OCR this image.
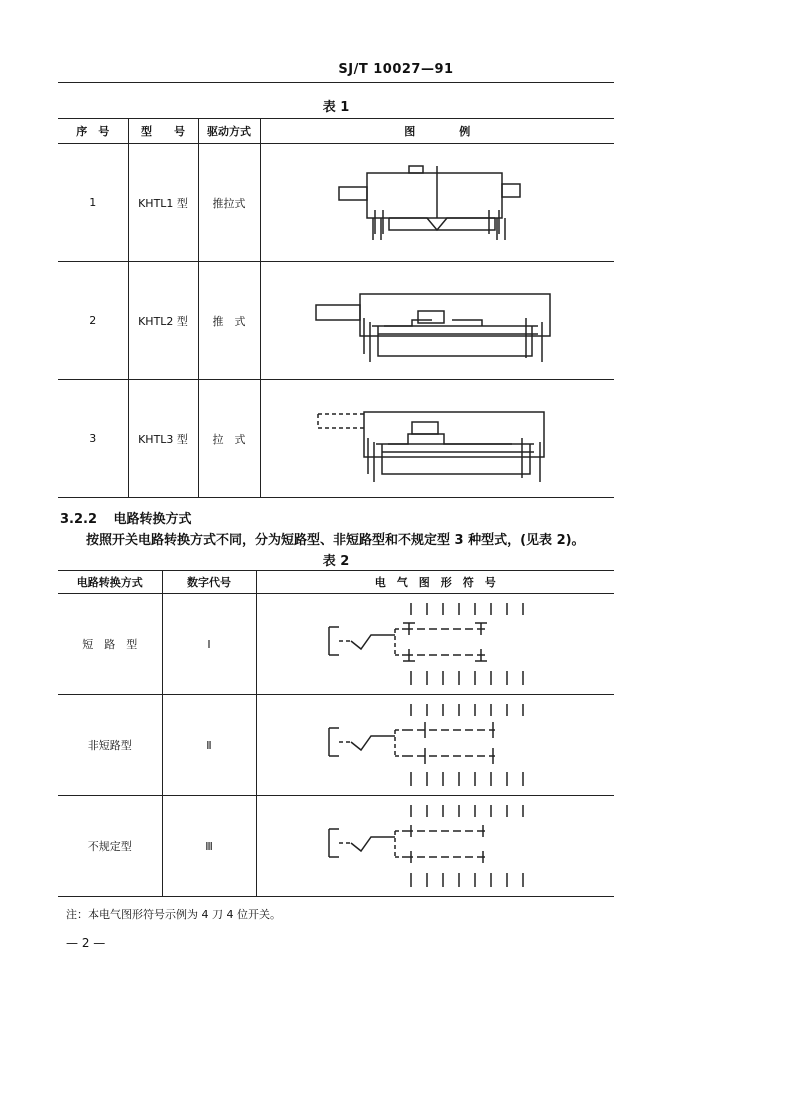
SJ/T 10027—91
表 1
序　号	型　　号	驱动方式	图　　　　例
1	KHTL1 型	推拉式	

2	KHTL2 型	推　式	

3	KHTL3 型	拉　式	
3.2.2 电路转换方式
按照开关电路转换方式不同，分为短路型、非短路型和不规定型 3 种型式，(见表 2)。
表 2
电路转换方式	数字代号	电　气　图　形　符　号
短　路　型	I	

非短路型	Ⅱ	

不规定型	Ⅲ	
注：本电气图形符号示例为 4 刀 4 位开关。
— 2 —
